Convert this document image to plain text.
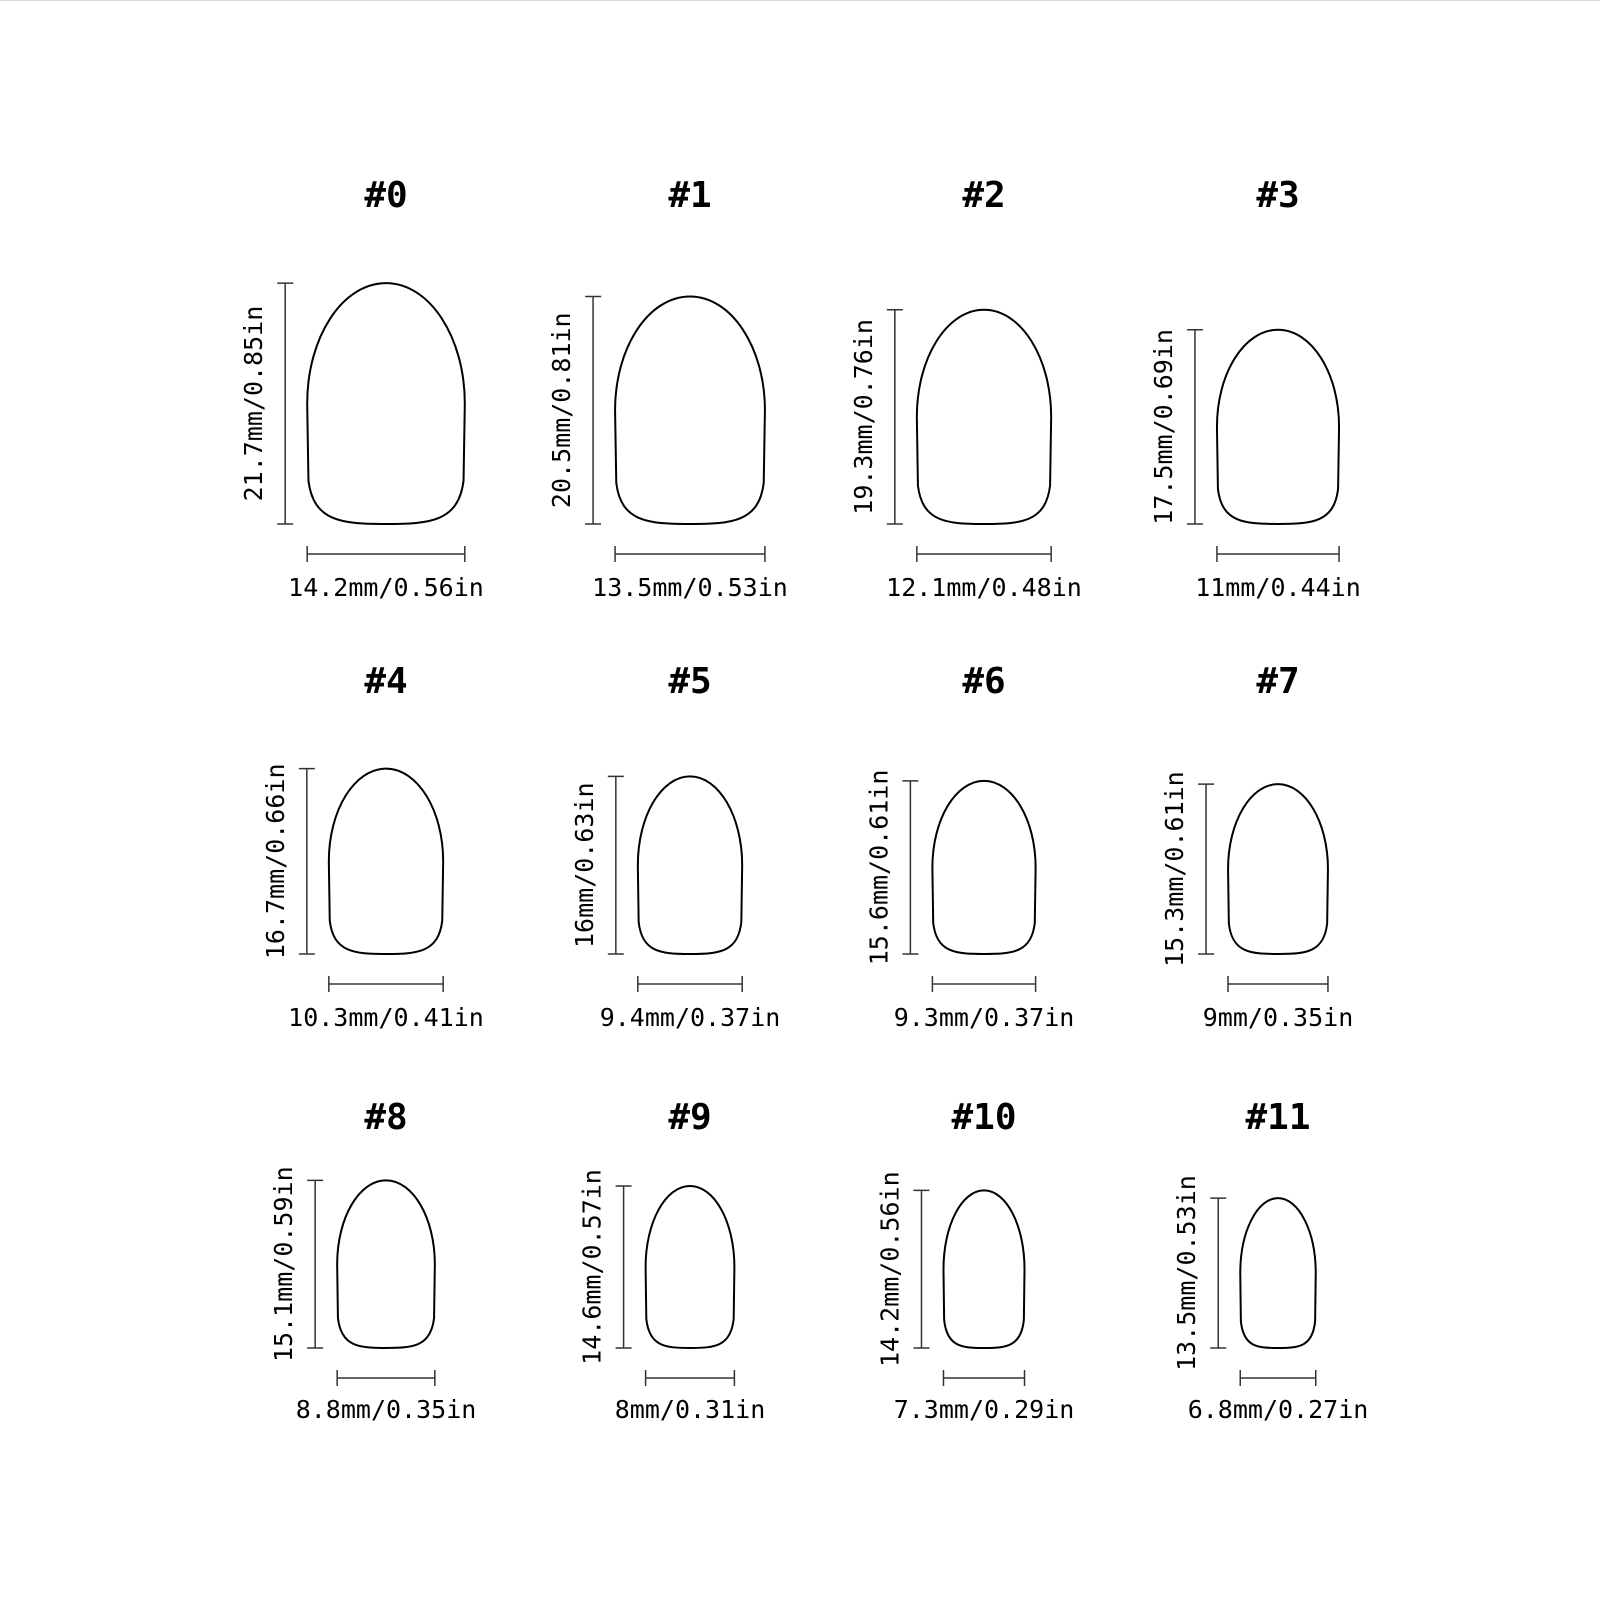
#0
21.7mm/0.85in
14.2mm/0.56in
#1
20.5mm/0.81in
13.5mm/0.53in
#2
19.3mm/0.76in
12.1mm/0.48in
#3
17.5mm/0.69in
11mm/0.44in
#4
16.7mm/0.66in
10.3mm/0.41in
#5
16mm/0.63in
9.4mm/0.37in
#6
15.6mm/0.61in
9.3mm/0.37in
#7
15.3mm/0.61in
9mm/0.35in
#8
15.1mm/0.59in
8.8mm/0.35in
#9
14.6mm/0.57in
8mm/0.31in
#10
14.2mm/0.56in
7.3mm/0.29in
#11
13.5mm/0.53in
6.8mm/0.27in
